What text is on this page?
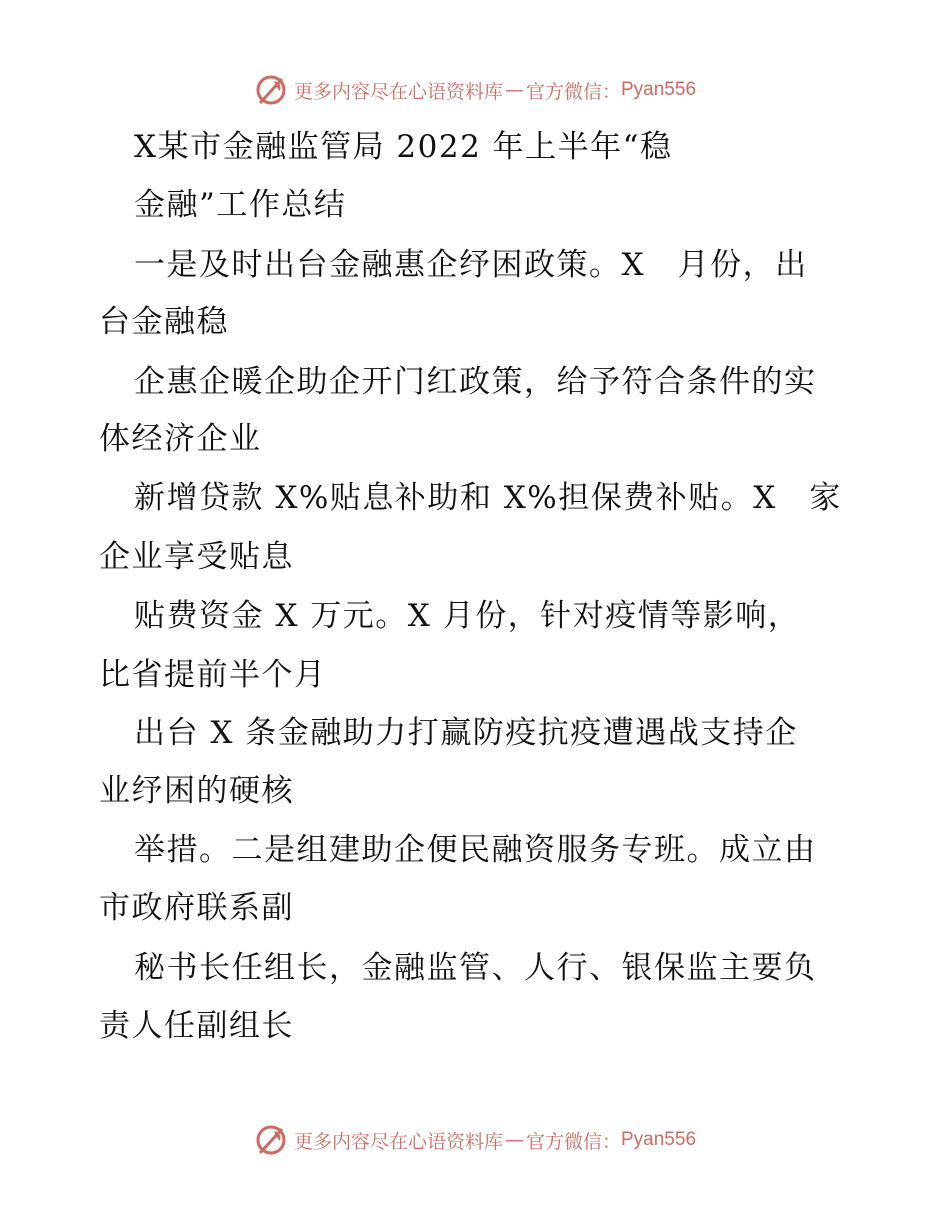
更多内容尽在心语资料库 — 官方微信： Pyan556
X某市金融监管局 2022 年上半年“稳
金融”工作总结
一是及时出台金融惠企纾困政策。X　月份，出
台金融稳
企惠企暖企助企开门红政策，给予符合条件的实
体经济企业
新增贷款 X%贴息补助和 X%担保费补贴。X　家
企业享受贴息
贴费资金 X 万元。X 月份，针对疫情等影响，
比省提前半个月
出台 X 条金融助力打赢防疫抗疫遭遇战支持企
业纾困的硬核
举措。二是组建助企便民融资服务专班。成立由
市政府联系副
秘书长任组长，金融监管、人行、银保监主要负
责人任副组长
更多内容尽在心语资料库 — 官方微信： Pyan556
